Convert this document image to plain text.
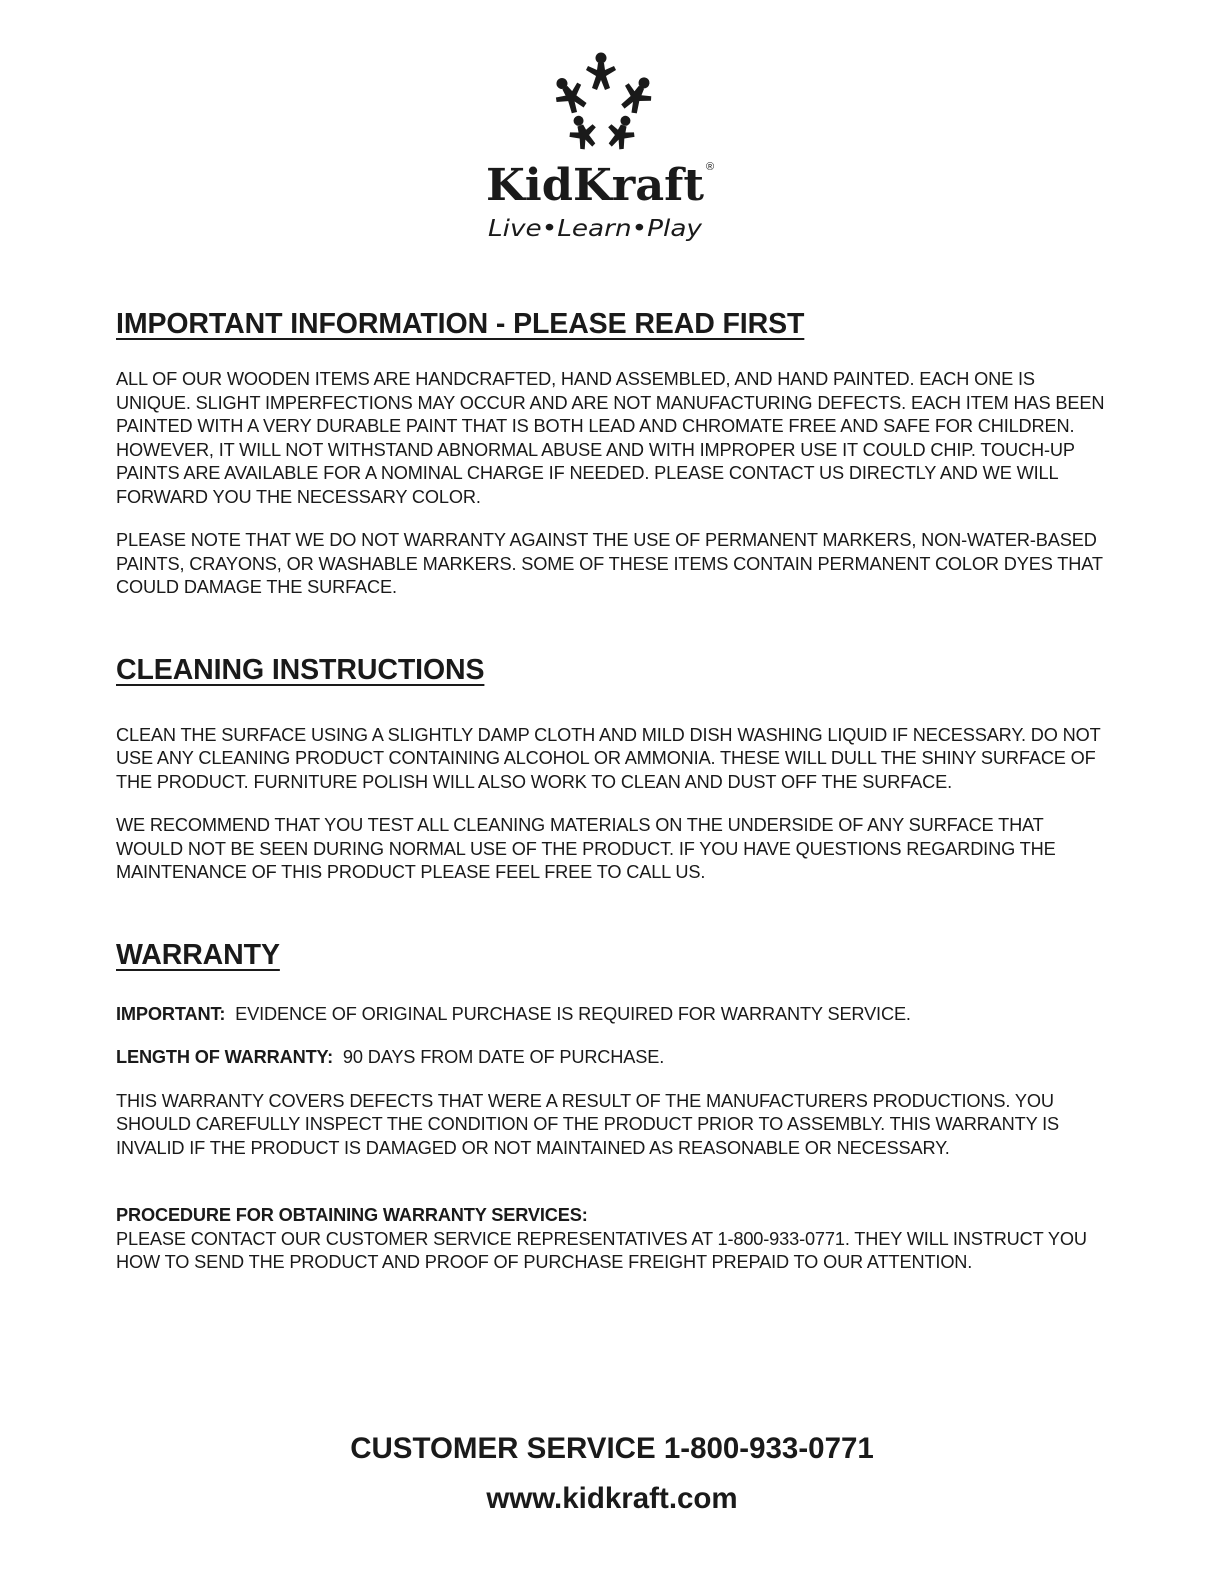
KidKraft ®
Live•Learn•Play
IMPORTANT INFORMATION - PLEASE READ FIRST

ALL OF OUR WOODEN ITEMS ARE HANDCRAFTED, HAND ASSEMBLED, AND HAND PAINTED. EACH ONE IS UNIQUE. SLIGHT IMPERFECTIONS MAY OCCUR AND ARE NOT MANUFACTURING DEFECTS. EACH ITEM HAS BEEN PAINTED WITH A VERY DURABLE PAINT THAT IS BOTH LEAD AND CHROMATE FREE AND SAFE FOR CHILDREN. HOWEVER, IT WILL NOT WITHSTAND ABNORMAL ABUSE AND WITH IMPROPER USE IT COULD CHIP. TOUCH-UP PAINTS ARE AVAILABLE FOR A NOMINAL CHARGE IF NEEDED. PLEASE CONTACT US DIRECTLY AND WE WILL FORWARD YOU THE NECESSARY COLOR.

PLEASE NOTE THAT WE DO NOT WARRANTY AGAINST THE USE OF PERMANENT MARKERS, NON-WATER-BASED PAINTS, CRAYONS, OR WASHABLE MARKERS. SOME OF THESE ITEMS CONTAIN PERMANENT COLOR DYES THAT COULD DAMAGE THE SURFACE.

CLEANING INSTRUCTIONS

CLEAN THE SURFACE USING A SLIGHTLY DAMP CLOTH AND MILD DISH WASHING LIQUID IF NECESSARY. DO NOT USE ANY CLEANING PRODUCT CONTAINING ALCOHOL OR AMMONIA. THESE WILL DULL THE SHINY SURFACE OF THE PRODUCT. FURNITURE POLISH WILL ALSO WORK TO CLEAN AND DUST OFF THE SURFACE.

WE RECOMMEND THAT YOU TEST ALL CLEANING MATERIALS ON THE UNDERSIDE OF ANY SURFACE THAT WOULD NOT BE SEEN DURING NORMAL USE OF THE PRODUCT. IF YOU HAVE QUESTIONS REGARDING THE MAINTENANCE OF THIS PRODUCT PLEASE FEEL FREE TO CALL US.

WARRANTY

IMPORTANT: EVIDENCE OF ORIGINAL PURCHASE IS REQUIRED FOR WARRANTY SERVICE.

LENGTH OF WARRANTY: 90 DAYS FROM DATE OF PURCHASE.

THIS WARRANTY COVERS DEFECTS THAT WERE A RESULT OF THE MANUFACTURERS PRODUCTIONS. YOU SHOULD CAREFULLY INSPECT THE CONDITION OF THE PRODUCT PRIOR TO ASSEMBLY. THIS WARRANTY IS INVALID IF THE PRODUCT IS DAMAGED OR NOT MAINTAINED AS REASONABLE OR NECESSARY.

PROCEDURE FOR OBTAINING WARRANTY SERVICES:

PLEASE CONTACT OUR CUSTOMER SERVICE REPRESENTATIVES AT 1-800-933-0771. THEY WILL INSTRUCT YOU HOW TO SEND THE PRODUCT AND PROOF OF PURCHASE FREIGHT PREPAID TO OUR ATTENTION.

CUSTOMER SERVICE 1-800-933-0771
www.kidkraft.com
